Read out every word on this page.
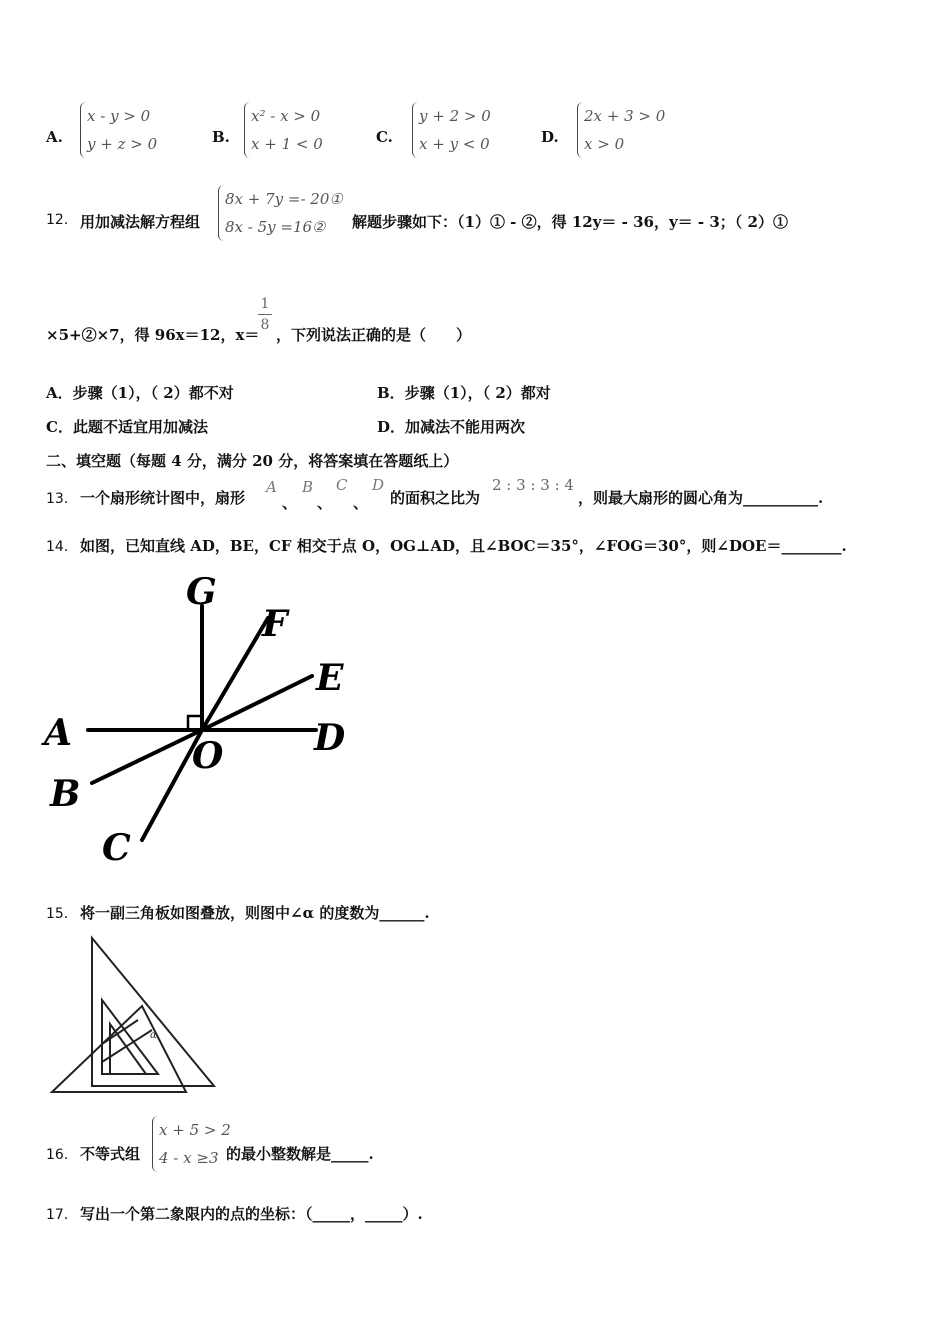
A.
x - y > 0
y + z > 0	B.
x² - x > 0
x + 1 < 0	C.
y + 2 > 0
x + y < 0	D.
2x + 3 > 0
x > 0
12. 用加减法解方程组
8x + 7y =- 20①
8x - 5y =16②	解题步骤如下：（1）① - ②，得 12y＝ - 36，y＝ - 3；（ 2）①
×5+②×7，得 96x＝12，x＝
1
8
，下列说法正确的是（　　）
A．步骤（1），（ 2）都不对	B．步骤（1），（ 2）都对
C．此题不适宜用加减法	D．加减法不能用两次
二、填空题（每题 4 分，满分 20 分，将答案填在答题纸上）
13． 一个扇形统计图中，扇形
A
、
B
、
C
、
D
的面积之比为
2 : 3 : 3 : 4
，则最大扇形的圆心角为__________.
14． 如图，已知直线 AD，BE，CF 相交于点 O，OG⊥AD，且∠BOC＝35°，∠FOG＝30°，则∠DOE＝________.
G
F
E
A
O	D
B
C
15． 将一副三角板如图叠放，则图中∠α 的度数为______.
α
16． 不等式组
x + 5 > 2
4 - x ≥3 的最小整数解是_____.
17． 写出一个第二象限内的点的坐标：（_____，_____）.
